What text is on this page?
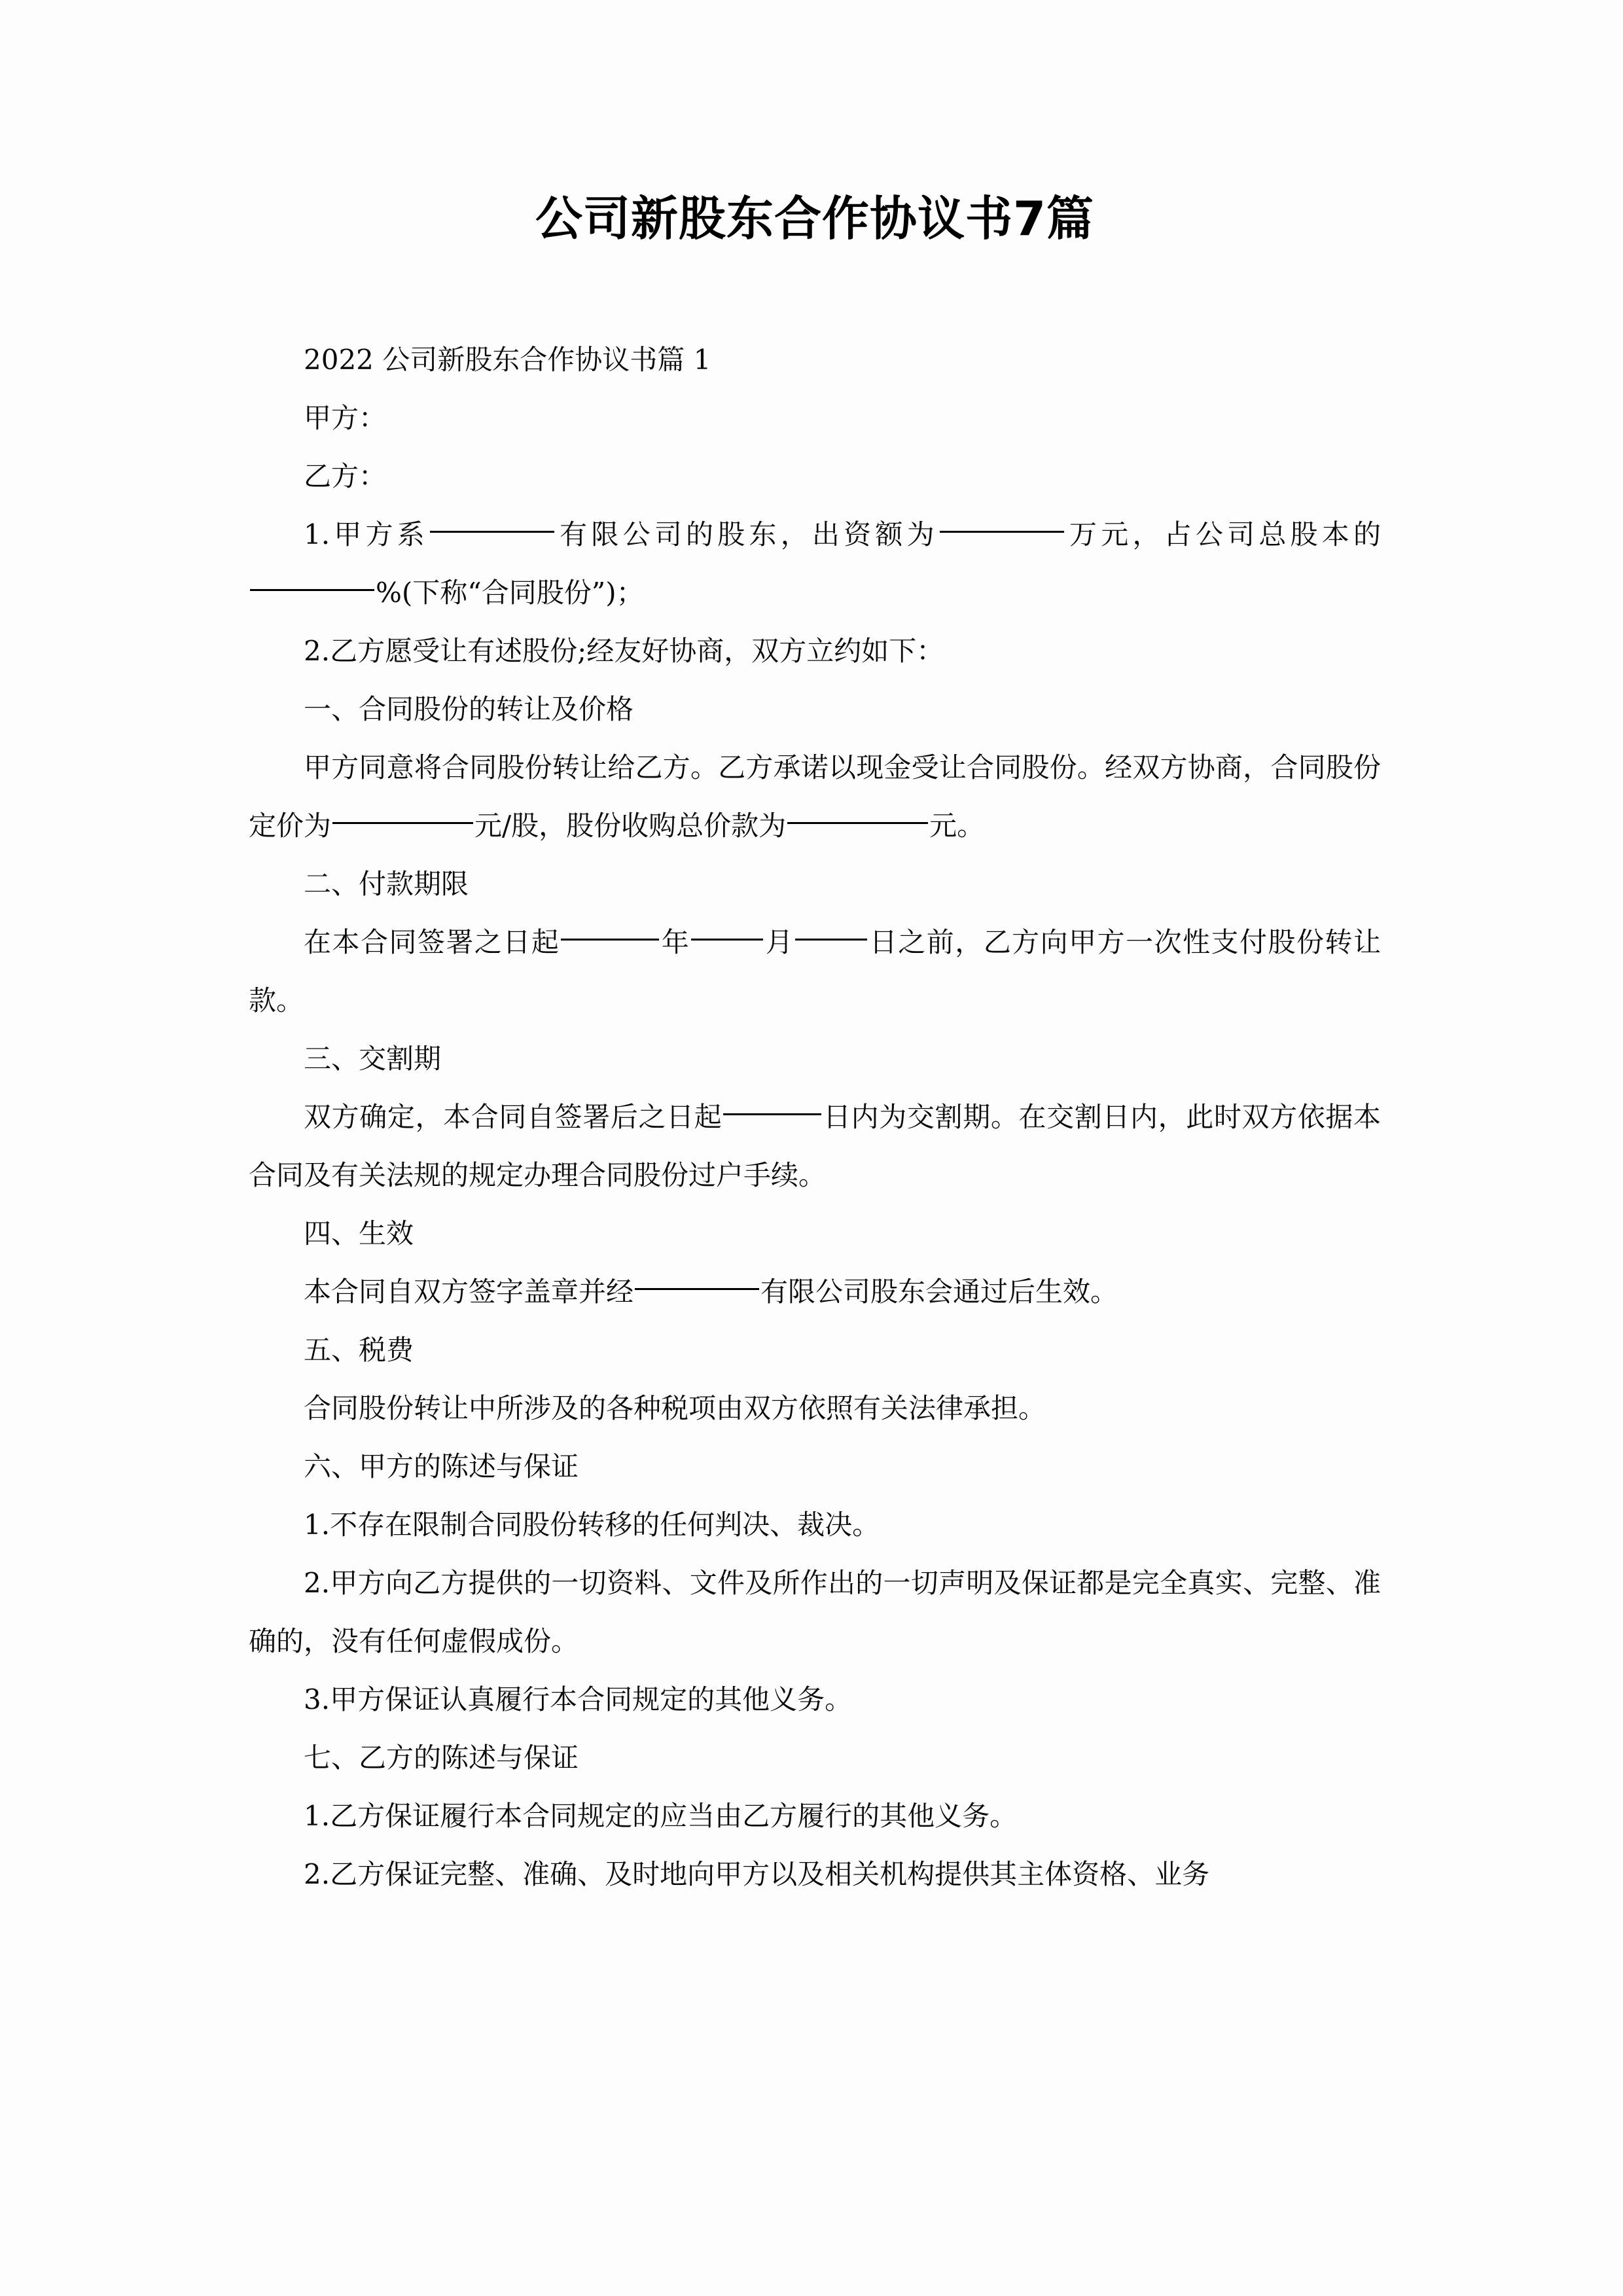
公司新股东合作协议书7篇

2022 公司新股东合作协议书篇 1

甲方：

乙方：

1.甲方系	有限公司的股东，出资额为	万元，占公司总股本的 %(下称“合同股份”)；

2.乙方愿受让有述股份;经友好协商，双方立约如下：

一、合同股份的转让及价格

甲方同意将合同股份转让给乙方。乙方承诺以现金受让合同股份。经双方协商，合同股份定价为	元/股，股份收购总价款为	元。

二、付款期限

在本合同签署之日起	年	月	日之前，乙方向甲方一次性支付股份转让款。

三、交割期

双方确定，本合同自签署后之日起	日内为交割期。在交割日内，此时双方依据本合同及有关法规的规定办理合同股份过户手续。

四、生效

本合同自双方签字盖章并经	有限公司股东会通过后生效。

五、税费

合同股份转让中所涉及的各种税项由双方依照有关法律承担。

六、甲方的陈述与保证

1.不存在限制合同股份转移的任何判决、裁决。

2.甲方向乙方提供的一切资料、文件及所作出的一切声明及保证都是完全真实、完整、准确的，没有任何虚假成份。

3.甲方保证认真履行本合同规定的其他义务。

七、乙方的陈述与保证

1.乙方保证履行本合同规定的应当由乙方履行的其他义务。

2.乙方保证完整、准确、及时地向甲方以及相关机构提供其主体资格、业务
